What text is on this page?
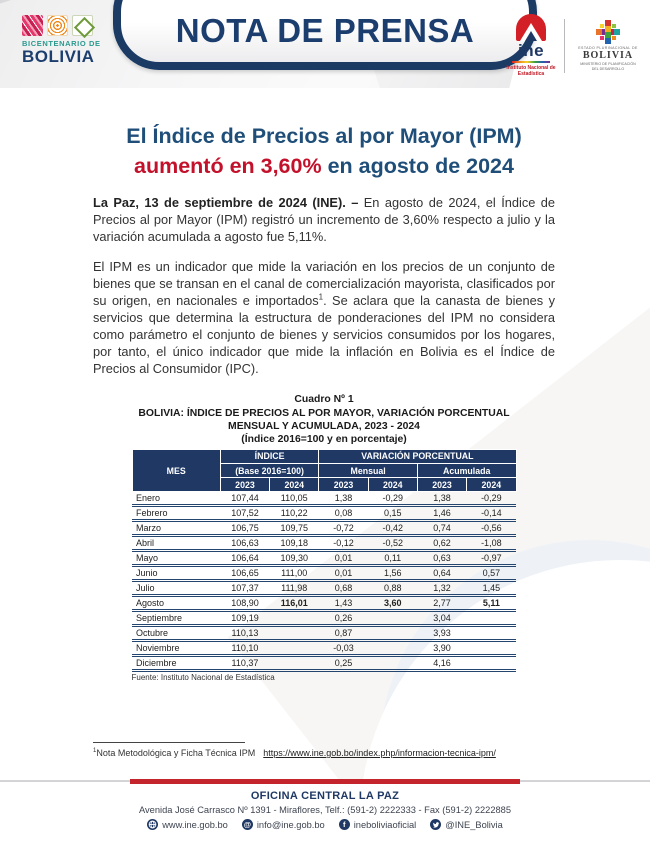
BICENTENARIO DE
BOLIVIA
NOTA DE PRENSA
ine
Instituto Nacional de Estadística
ESTADO PLURINACIONAL DE
BOLIVIA
MINISTERIO DE PLANIFICACIÓN DEL DESARROLLO
El Índice de Precios al por Mayor (IPM)
aumentó en 3,60% en agosto de 2024

La Paz, 13 de septiembre de 2024 (INE). – En agosto de 2024, el Índice de Precios al por Mayor (IPM) registró un incremento de 3,60% respecto a julio y la variación acumulada a agosto fue 5,11%.

El IPM es un indicador que mide la variación en los precios de un conjunto de bienes que se transan en el canal de comercialización mayorista, clasificados por su origen, en nacionales e importados$^1$. Se aclara que la canasta de bienes y servicios que determina la estructura de ponderaciones del IPM no considera como parámetro el conjunto de bienes y servicios consumidos por los hogares, por tanto, el único indicador que mide la inflación en Bolivia es el Índice de Precios al Consumidor (IPC).

Cuadro Nº 1
BOLIVIA: ÍNDICE DE PRECIOS AL POR MAYOR, VARIACIÓN PORCENTUAL
MENSUAL Y ACUMULADA, 2023 - 2024
(Índice 2016=100 y en porcentaje)
MES	ÍNDICE		VARIACIÓN PORCENTUAL			
	(Base 2016=100)		Mensual		Acumulada	
	2023	2024	2023	2024	2023	2024
Enero	107,44	110,05	1,38	-0,29	1,38	-0,29
Febrero	107,52	110,22	0,08	0,15	1,46	-0,14
Marzo	106,75	109,75	-0,72	-0,42	0,74	-0,56
Abril	106,63	109,18	-0,12	-0,52	0,62	-1,08
Mayo	106,64	109,30	0,01	0,11	0,63	-0,97
Junio	106,65	111,00	0,01	1,56	0,64	0,57
Julio	107,37	111,98	0,68	0,88	1,32	1,45
Agosto	108,90	116,01	1,43	3,60	2,77	5,11
Septiembre	109,19		0,26		3,04	
Octubre	110,13		0,87		3,93	
Noviembre	110,10		-0,03		3,90	
Diciembre	110,37		0,25		4,16	
Fuente: Instituto Nacional de Estadística
$^1$Nota Metodológica y Ficha Técnica IPM https://www.ine.gob.bo/index.php/informacion-tecnica-ipm/
OFICINA CENTRAL LA PAZ
Avenida José Carrasco Nº 1391 - Miraflores, Telf.: (591-2) 2222333 - Fax (591-2) 2222885
www.ine.gob.bo @ info@ine.gob.bo	f ineboliviaoficial	@INE_Bolivia
